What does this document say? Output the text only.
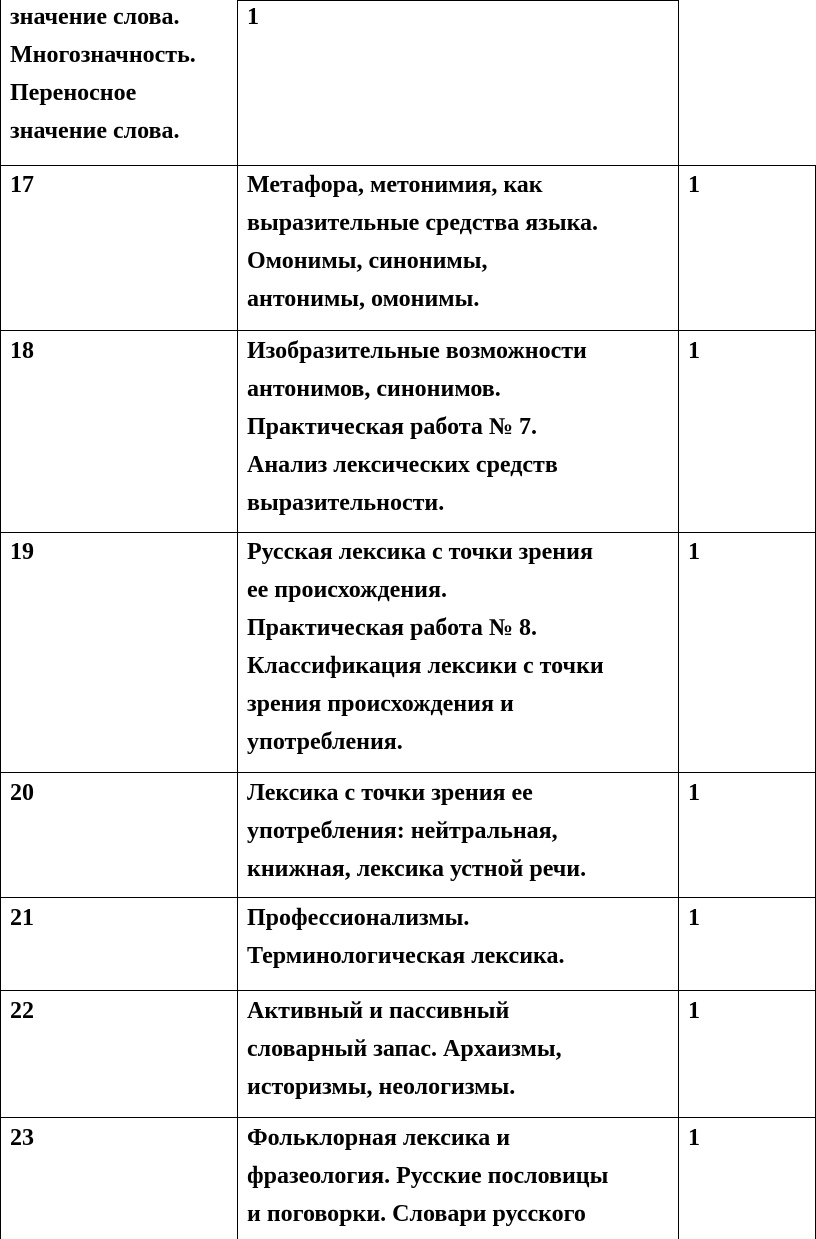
значение слова.
Многозначность.
Переносное
значение слова.
1
17	Метафора, метонимия, как
выразительные средства языка.
Омонимы, синонимы,
антонимы, омонимы.
1
18	Изобразительные возможности
антонимов, синонимов.
Практическая работа № 7.
Анализ лексических средств
выразительности.
1
19	Русская лексика с точки зрения
ее происхождения.
Практическая работа № 8.
Классификация лексики с точки
зрения происхождения и
употребления.
1
20	Лексика с точки зрения ее
употребления: нейтральная,
книжная, лексика устной речи.
1
21	Профессионализмы.
Терминологическая лексика.
1
22	Активный и пассивный
словарный запас. Архаизмы,
историзмы, неологизмы.
1
23	Фольклорная лексика и
фразеология. Русские пословицы
и поговорки. Словари русского
1
